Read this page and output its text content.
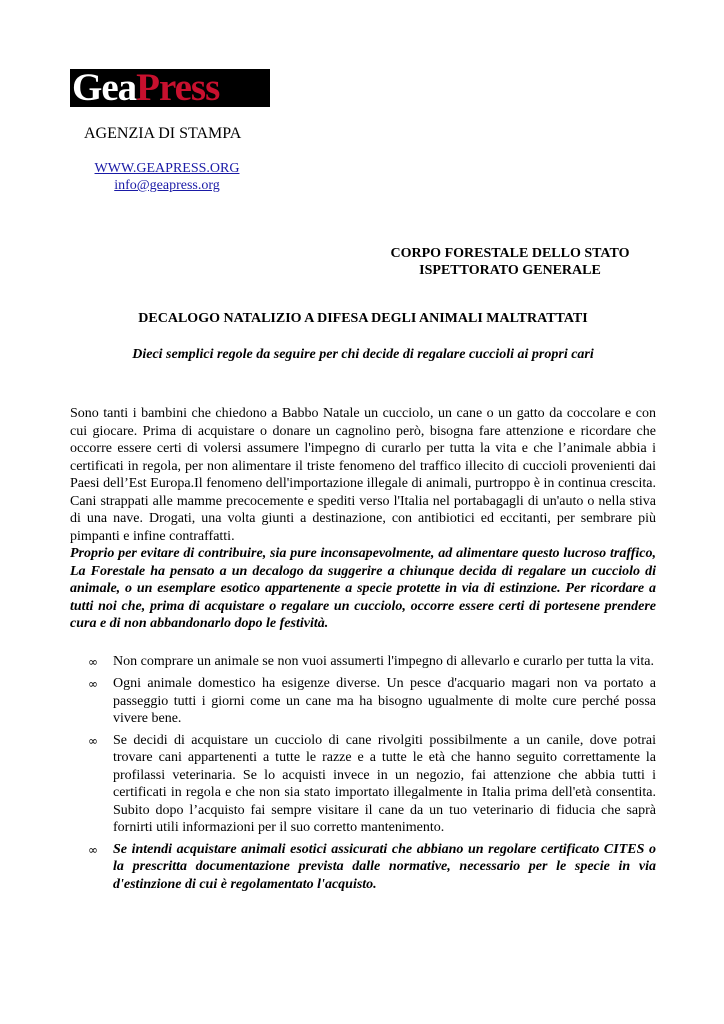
GeaPress
AGENZIA DI STAMPA
WWW.GEAPRESS.ORG
info@geapress.org
CORPO FORESTALE DELLO STATO
ISPETTORATO GENERALE
DECALOGO NATALIZIO A DIFESA DEGLI ANIMALI MALTRATTATI
Dieci semplici regole da seguire per chi decide di regalare cuccioli ai propri cari

Sono tanti i bambini che chiedono a Babbo Natale un cucciolo, un cane o un gatto da coccolare e con cui giocare. Prima di acquistare o donare un cagnolino però, bisogna fare attenzione e ricordare che occorre essere certi di volersi assumere l'impegno di curarlo per tutta la vita e che l’animale abbia i certificati in regola, per non alimentare il triste fenomeno del traffico illecito di cuccioli provenienti dai Paesi dell’Est Europa.Il fenomeno dell'importazione illegale di animali, purtroppo è in continua crescita. Cani strappati alle mamme precocemente e spediti verso l'Italia nel portabagagli di un'auto o nella stiva di una nave. Drogati, una volta giunti a destinazione, con antibiotici ed eccitanti, per sembrare più pimpanti e infine contraffatti.

Proprio per evitare di contribuire, sia pure inconsapevolmente, ad alimentare questo lucroso traffico, La Forestale ha pensato a un decalogo da suggerire a chiunque decida di regalare un cucciolo di animale, o un esemplare esotico appartenente a specie protette in via di estinzione. Per ricordare a tutti noi che, prima di acquistare o regalare un cucciolo, occorre essere certi di portesene prendere cura e di non abbandonarlo dopo le festività.

∞	Non comprare un animale se non vuoi assumerti l'impegno di allevarlo e curarlo per tutta la vita.
∞	Ogni animale domestico ha esigenze diverse. Un pesce d'acquario magari non va portato a passeggio tutti i giorni come un cane ma ha bisogno ugualmente di molte cure perché possa vivere bene.
∞	Se decidi di acquistare un cucciolo di cane rivolgiti possibilmente a un canile, dove potrai trovare cani appartenenti a tutte le razze e a tutte le età che hanno seguito correttamente la profilassi veterinaria. Se lo acquisti invece in un negozio, fai attenzione che abbia tutti i certificati in regola e che non sia stato importato illegalmente in Italia prima dell'età consentita. Subito dopo l’acquisto fai sempre visitare il cane da un tuo veterinario di fiducia che saprà fornirti utili informazioni per il suo corretto mantenimento.
∞	Se intendi acquistare animali esotici assicurati che abbiano un regolare certificato CITES o la prescritta documentazione prevista dalle normative, necessario per le specie in via d'estinzione di cui è regolamentato l'acquisto.
